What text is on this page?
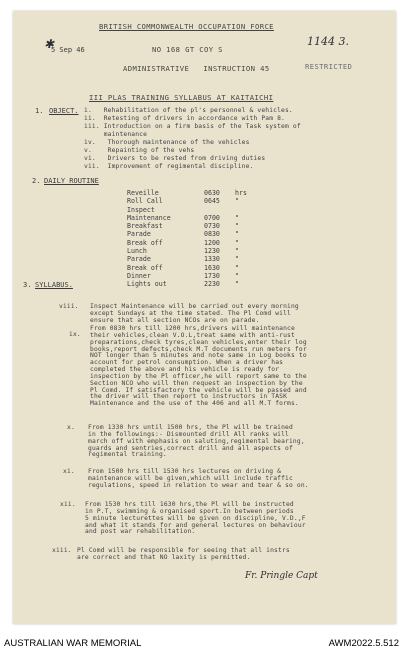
BRITISH COMMONWEALTH OCCUPATION FORCE
✱
5 Sep 46	NO 168 GT COY S
1144 3.
ADMINISTRATIVE   INSTRUCTION 45	RESTRICTED
III PLAS TRAINING SYLLABUS AT KAITAICHI
1. OBJECT. i.   Rehabilitation of the pl's personnel & vehicles.
ii.  Retesting of drivers in accordance with Pam 8.
iii. Introduction on a firm basis of the Task system of
maintenance
iv.   Thorough maintenance of the vehicles
v.    Repainting of the vehs
vi.   Drivers to be rested from driving duties
vii.  Improvement of regimental discipline.
2. DAILY ROUTINE
Reveille	0630 hrs
Roll Call	0645 "
Inspect
Maintenance	0700 "
Breakfast	0730 "
Parade	0830 "
Break off	1200 "
Lunch	1230 "
Parade	1330 "
Break off	1630 "
Dinner	1730 "
Lights out	2230 "
3. SYLLABUS.
viii. Inspect Maintenance will be carried out every morning
except Sundays at the time stated. The Pl Comd will
ensure that all section NCOs are on parade.
ix.
From 0830 hrs till 1200 hrs,drivers will maintenance
their vehicles,clean V.O.L,treat same with anti-rust
preparations,check tyres,clean vehicles,enter their log
books,report defects,check M.T documents run meters for
NOT longer than 5 minutes and note same in Log books to
account for petrol consumption. When a driver has
completed the above and his vehicle is ready for
inspection by the Pl officer,he will report same to the
Section NCO who will then request an inspection by the
Pl Comd. If satisfactory the vehicle will be passed and
the driver will then report to instructors in TASK
Maintenance and the use of the 406 and all M.T forms.
x. From 1330 hrs until 1500 hrs, the Pl will be trained
in the followings:- Dismounted drill All ranks will
march off with emphasis on saluting,regimental bearing,
guards and sentries,correct drill and all aspects of
regimental training.
xi. From 1500 hrs till 1530 hrs lectures on driving &
maintenance will be given,which will include traffic
regulations, speed in relation to wear and tear & so on.
xii. From 1530 hrs till 1630 hrs,the Pl will be instructed
in P.T, swimming & organised sport.In between periods
5 minute lecturettes will be given on discipline, V.D.,F
and what it stands for and general lectures on behaviour
and post war rehabilitation.
xiii. Pl Comd will be responsible for seeing that all instrs
are correct and that NO laxity is permitted.
Fr. Pringle Capt
AUSTRALIAN WAR MEMORIAL	AWM2022.5.512
